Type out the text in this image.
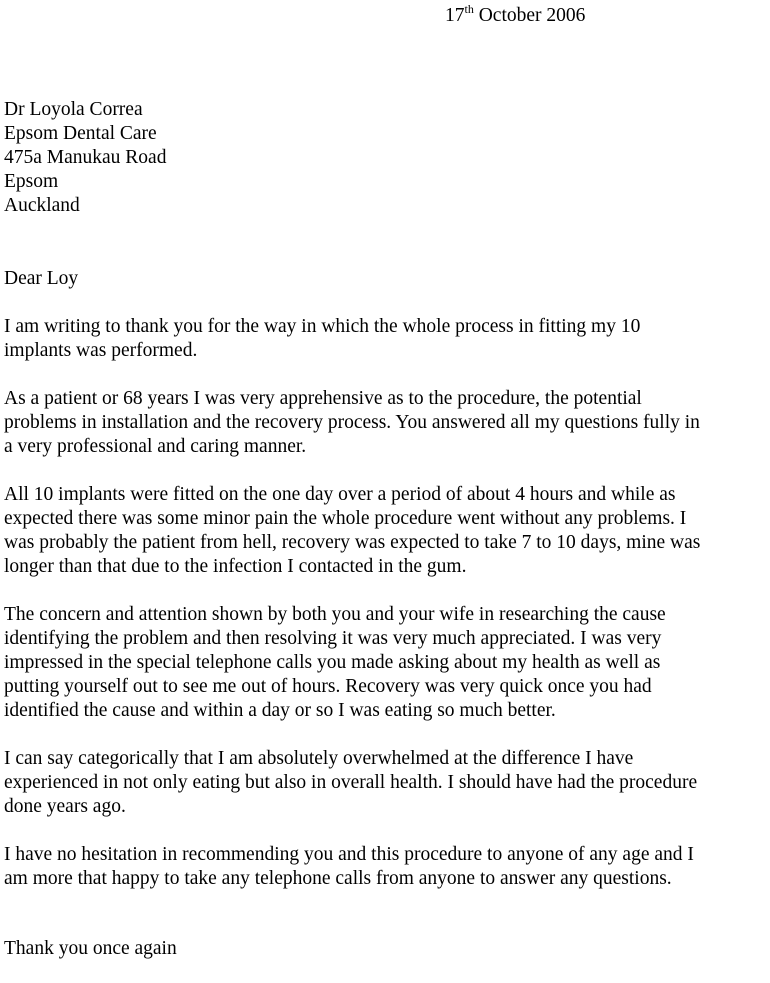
17th October 2006
Dr Loyola Correa
Epsom Dental Care
475a Manukau Road
Epsom
Auckland
Dear Loy

I am writing to thank you for the way in which the whole process in fitting my 10
implants was performed.

As a patient or 68 years I was very apprehensive as to the procedure, the potential
problems in installation and the recovery process. You answered all my questions fully in
a very professional and caring manner.

All 10 implants were fitted on the one day over a period of about 4 hours and while as
expected there was some minor pain the whole procedure went without any problems. I
was probably the patient from hell, recovery was expected to take 7 to 10 days, mine was
longer than that due to the infection I contacted in the gum.

The concern and attention shown by both you and your wife in researching the cause
identifying the problem and then resolving it was very much appreciated. I was very
impressed in the special telephone calls you made asking about my health as well as
putting yourself out to see me out of hours. Recovery was very quick once you had
identified the cause and within a day or so I was eating so much better.

I can say categorically that I am absolutely overwhelmed at the difference I have
experienced in not only eating but also in overall health. I should have had the procedure
done years ago.

I have no hesitation in recommending you and this procedure to anyone of any age and I
am more that happy to take any telephone calls from anyone to answer any questions.

Thank you once again
